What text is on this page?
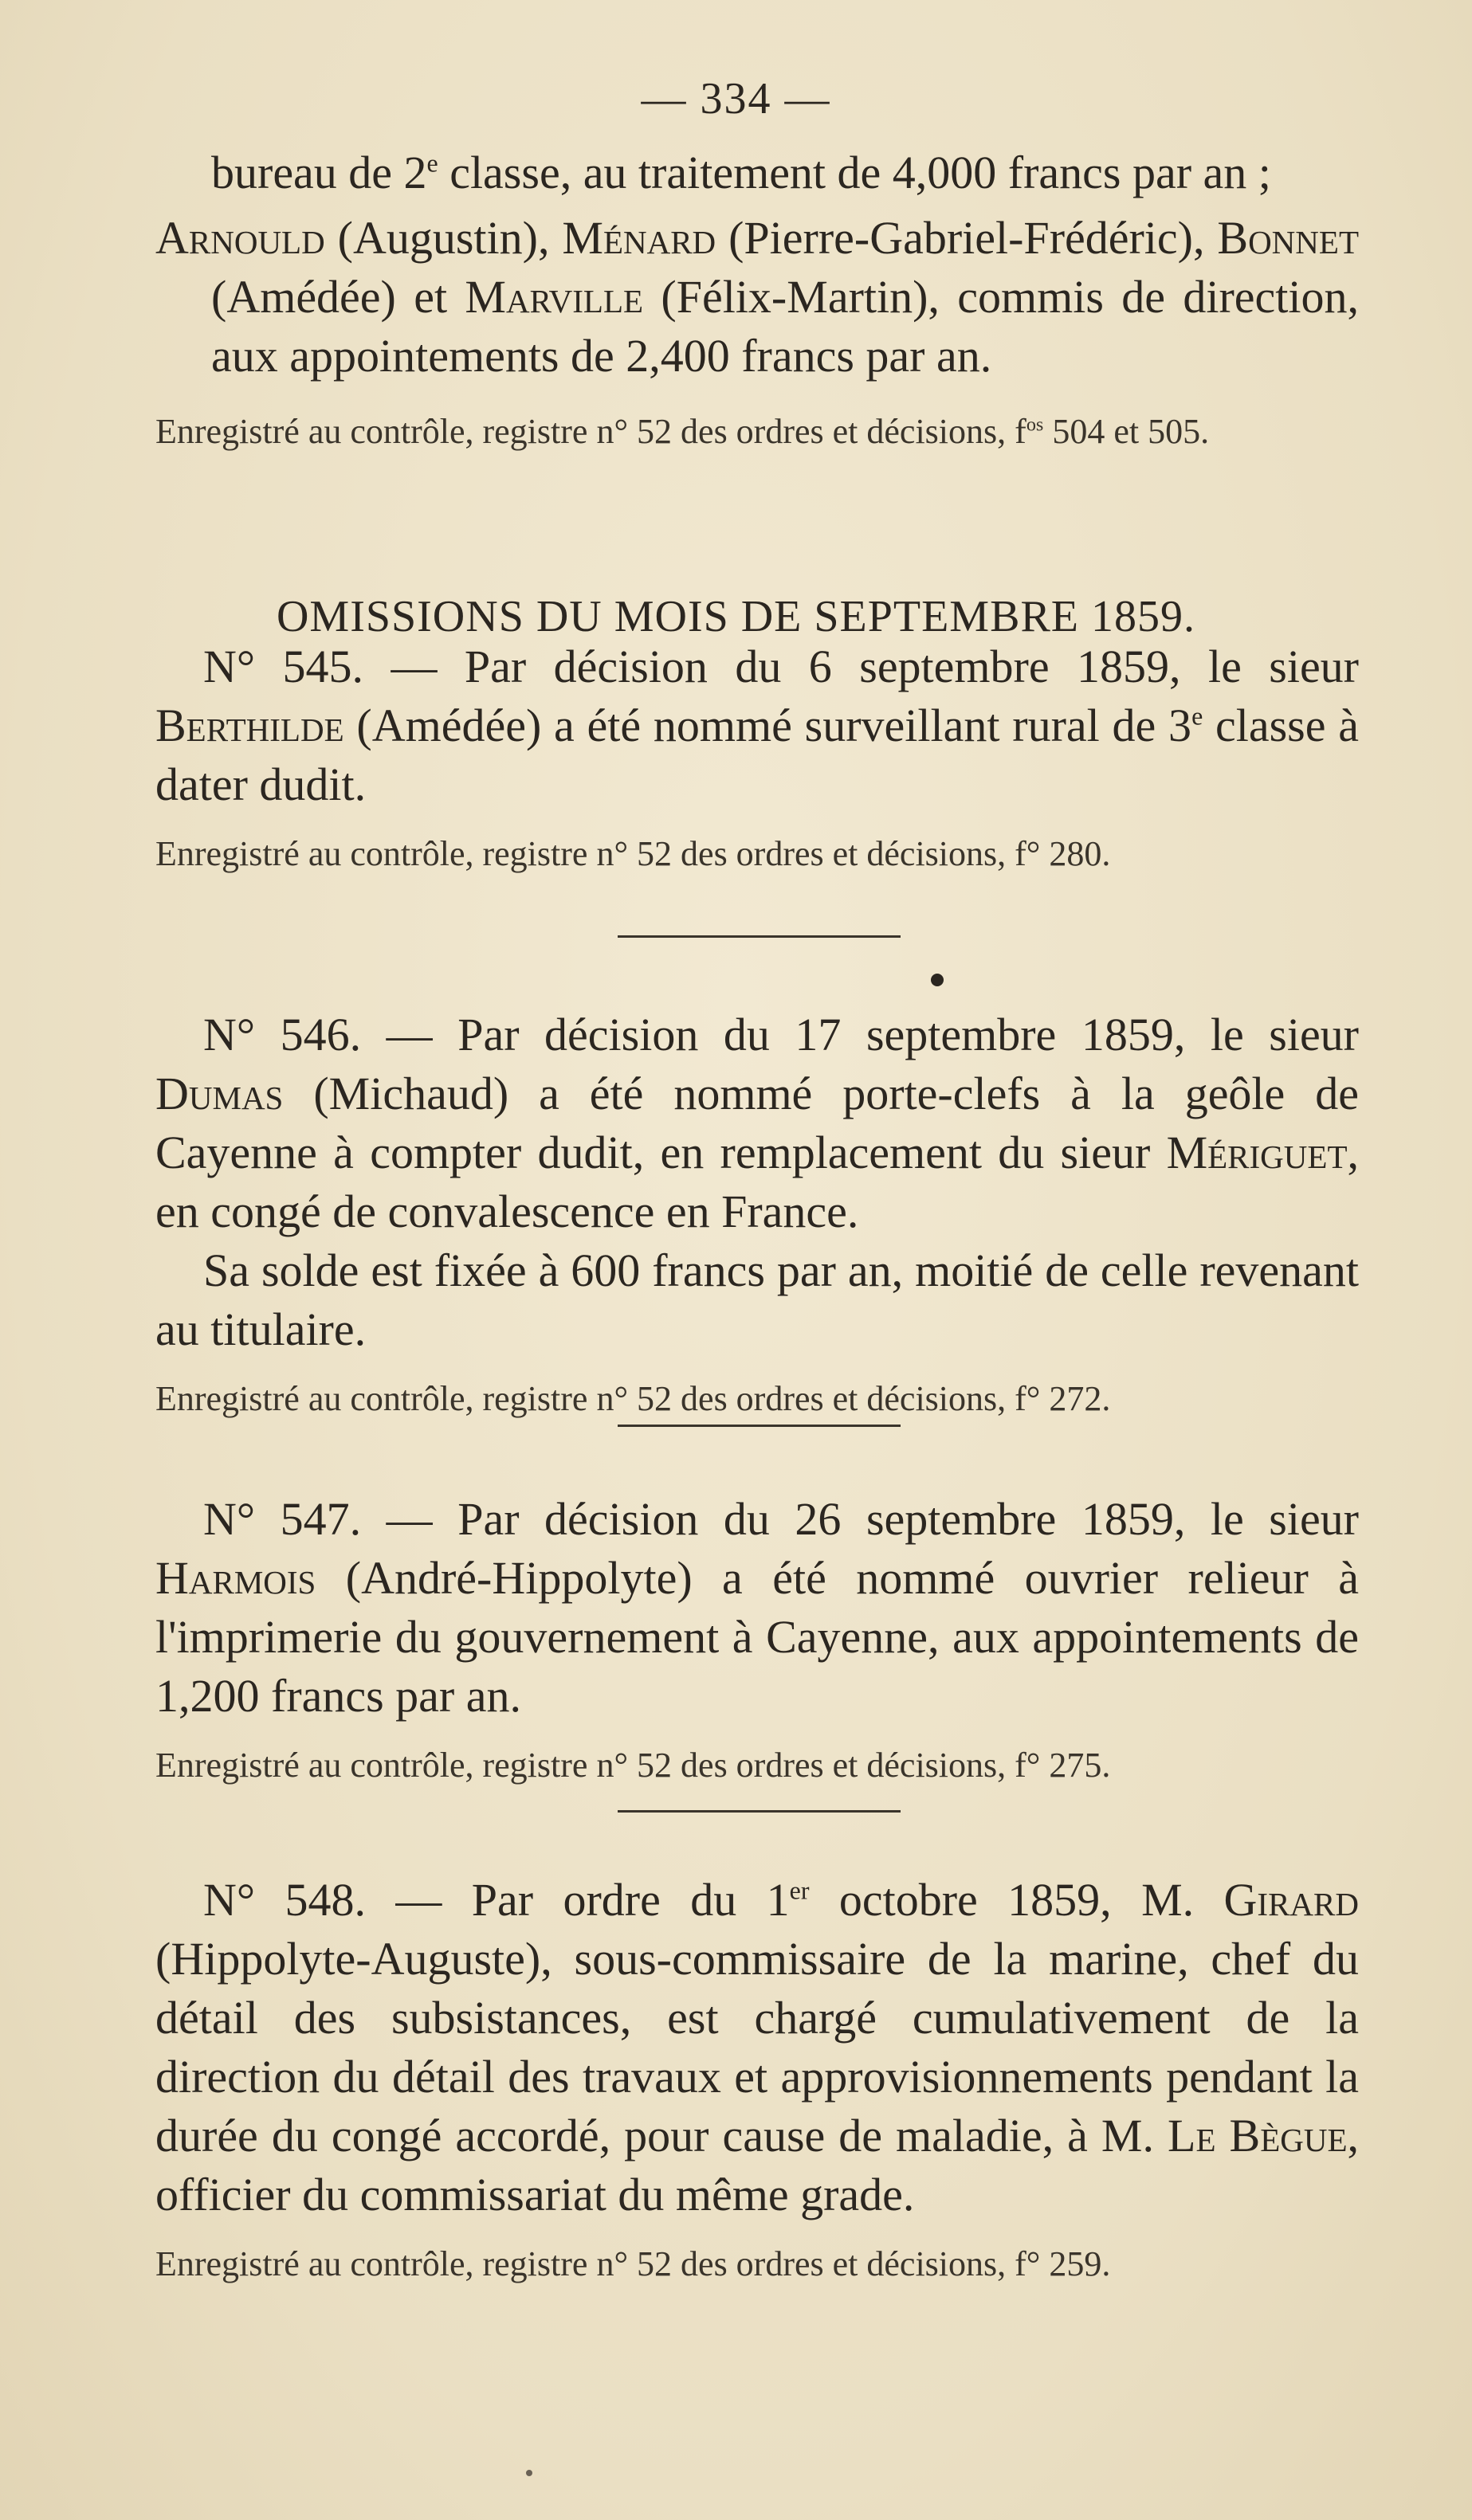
— 334 —

bureau de 2e classe, au traitement de 4,000 francs par an ;

Arnould (Augustin), Ménard (Pierre-Gabriel-Frédéric), Bonnet (Amédée) et Marville (Félix-Martin), commis de direction, aux appointements de 2,400 francs par an.

Enregistré au contrôle, registre n° 52 des ordres et décisions, $f^{os}$ 504 et 505.

OMISSIONS DU MOIS DE SEPTEMBRE 1859.

N° 545. — Par décision du 6 septembre 1859, le sieur Berthilde (Amédée) a été nommé surveillant rural de 3e classe à dater dudit.

Enregistré au contrôle, registre n° 52 des ordres et décisions, f° 280.

N° 546. — Par décision du 17 septembre 1859, le sieur Dumas (Michaud) a été nommé porte-clefs à la geôle de Cayenne à compter dudit, en remplacement du sieur Mériguet, en congé de convalescence en France.

Sa solde est fixée à 600 francs par an, moitié de celle revenant au titulaire.

Enregistré au contrôle, registre n° 52 des ordres et décisions, f° 272.

N° 547. — Par décision du 26 septembre 1859, le sieur Harmois (André-Hippolyte) a été nommé ouvrier relieur à l'imprimerie du gouvernement à Cayenne, aux appointements de 1,200 francs par an.

Enregistré au contrôle, registre n° 52 des ordres et décisions, f° 275.

N° 548. — Par ordre du 1er octobre 1859, M. Girard (Hippolyte-Auguste), sous-commissaire de la marine, chef du détail des subsistances, est chargé cumulativement de la direction du détail des travaux et approvisionnements pendant la durée du congé accordé, pour cause de maladie, à M. Le Bègue, officier du commissariat du même grade.

Enregistré au contrôle, registre n° 52 des ordres et décisions, f° 259.
